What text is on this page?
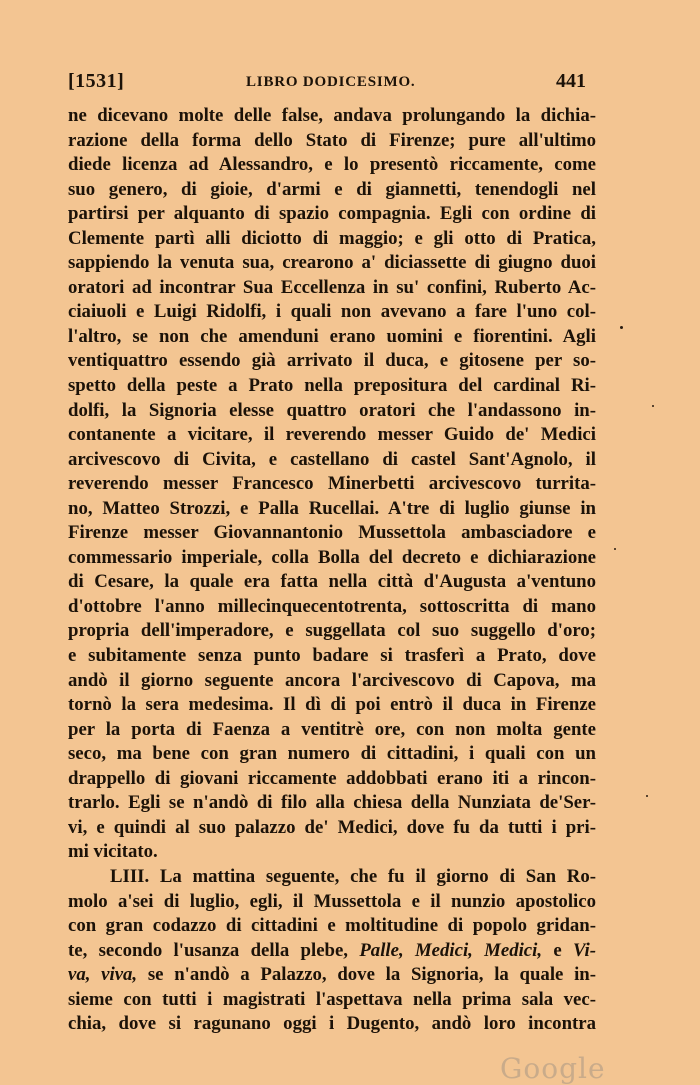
[1531]	LIBRO DODICESIMO.	441
ne dicevano molte delle false, andava prolungando la dichia-
razione della forma dello Stato di Firenze; pure all'ultimo
diede licenza ad Alessandro, e lo presentò riccamente, come
suo genero, di gioie, d'armi e di giannetti, tenendogli nel
partirsi per alquanto di spazio compagnia. Egli con ordine di
Clemente partì alli diciotto di maggio; e gli otto di Pratica,
sappiendo la venuta sua, crearono a' diciassette di giugno duoi
oratori ad incontrar Sua Eccellenza in su' confini, Ruberto Ac-
ciaiuoli e Luigi Ridolfi, i quali non avevano a fare l'uno col-
l'altro, se non che amenduni erano uomini e fiorentini. Agli
ventiquattro essendo già arrivato il duca, e gitosene per so-
spetto della peste a Prato nella prepositura del cardinal Ri-
dolfi, la Signoria elesse quattro oratori che l'andassono in-
contanente a vicitare, il reverendo messer Guido de' Medici
arcivescovo di Civita, e castellano di castel Sant'Agnolo, il
reverendo messer Francesco Minerbetti arcivescovo turrita-
no, Matteo Strozzi, e Palla Rucellai. A'tre di luglio giunse in
Firenze messer Giovannantonio Mussettola ambasciadore e
commessario imperiale, colla Bolla del decreto e dichiarazione
di Cesare, la quale era fatta nella città d'Augusta a'ventuno
d'ottobre l'anno millecinquecentotrenta, sottoscritta di mano
propria dell'imperadore, e suggellata col suo suggello d'oro;
e subitamente senza punto badare si trasferì a Prato, dove
andò il giorno seguente ancora l'arcivescovo di Capova, ma
tornò la sera medesima. Il dì di poi entrò il duca in Firenze
per la porta di Faenza a ventitrè ore, con non molta gente
seco, ma bene con gran numero di cittadini, i quali con un
drappello di giovani riccamente addobbati erano iti a rincon-
trarlo. Egli se n'andò di filo alla chiesa della Nunziata de'Ser-
vi, e quindi al suo palazzo de' Medici, dove fu da tutti i pri-
mi vicitato.
LIII. La mattina seguente, che fu il giorno di San Ro-
molo a'sei di luglio, egli, il Mussettola e il nunzio apostolico
con gran codazzo di cittadini e moltitudine di popolo gridan-
te, secondo l'usanza della plebe, Palle, Medici, Medici, e Vi-
va, viva, se n'andò a Palazzo, dove la Signoria, la quale in-
sieme con tutti i magistrati l'aspettava nella prima sala vec-
chia, dove si ragunano oggi i Dugento, andò loro incontra
Google
